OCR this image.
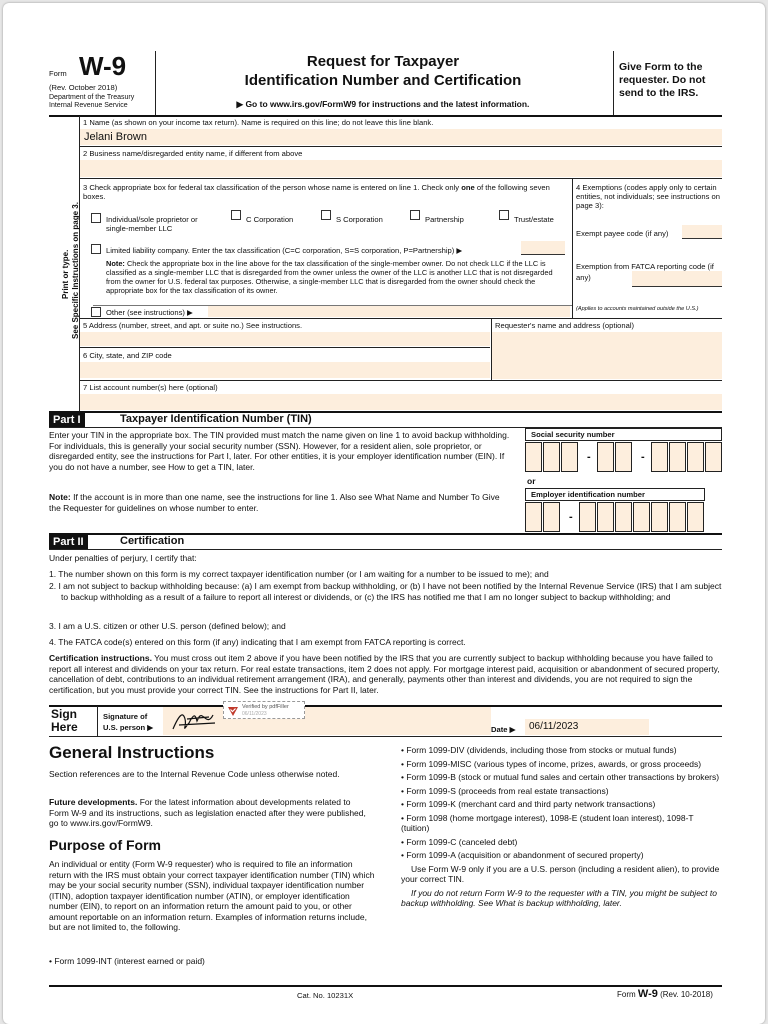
Form W-9
(Rev. October 2018)
Department of the Treasury
Internal Revenue Service
Request for Taxpayer
Identification Number and Certification
▶ Go to www.irs.gov/FormW9 for instructions and the latest information.
Give Form to the requester. Do not send to the IRS.
Print or type. See Specific Instructions on page 3.
1 Name (as shown on your income tax return). Name is required on this line; do not leave this line blank.
Jelani Brown
2 Business name/disregarded entity name, if different from above
3 Check appropriate box for federal tax classification of the person whose name is entered on line 1. Check only one of the following seven boxes.
Individual/sole proprietor or single-member LLC
C Corporation	S Corporation	Partnership	Trust/estate
Limited liability company. Enter the tax classification (C=C corporation, S=S corporation, P=Partnership) ▶
Note: Check the appropriate box in the line above for the tax classification of the single-member owner. Do not check LLC if the LLC is classified as a single-member LLC that is disregarded from the owner unless the owner of the LLC is another LLC that is not disregarded from the owner for U.S. federal tax purposes. Otherwise, a single-member LLC that is disregarded from the owner should check the appropriate box for the tax classification of its owner.
Other (see instructions) ▶
4 Exemptions (codes apply only to certain entities, not individuals; see instructions on page 3):
Exempt payee code (if any)
Exemption from FATCA reporting code (if any)
(Applies to accounts maintained outside the U.S.)
5 Address (number, street, and apt. or suite no.) See instructions.
6 City, state, and ZIP code
Requester's name and address (optional)
7 List account number(s) here (optional)
Part I	Taxpayer Identification Number (TIN)
Enter your TIN in the appropriate box. The TIN provided must match the name given on line 1 to avoid backup withholding. For individuals, this is generally your social security number (SSN). However, for a resident alien, sole proprietor, or disregarded entity, see the instructions for Part I, later. For other entities, it is your employer identification number (EIN). If you do not have a number, see How to get a TIN, later.
Note: If the account is in more than one name, see the instructions for line 1. Also see What Name and Number To Give the Requester for guidelines on whose number to enter.
Social security number
-	-
or
Employer identification number
-
Part II	Certification
Under penalties of perjury, I certify that:
1. The number shown on this form is my correct taxpayer identification number (or I am waiting for a number to be issued to me); and
2. I am not subject to backup withholding because: (a) I am exempt from backup withholding, or (b) I have not been notified by the Internal Revenue Service (IRS) that I am subject to backup withholding as a result of a failure to report all interest or dividends, or (c) the IRS has notified me that I am no longer subject to backup withholding; and
3. I am a U.S. citizen or other U.S. person (defined below); and
4. The FATCA code(s) entered on this form (if any) indicating that I am exempt from FATCA reporting is correct.
Certification instructions. You must cross out item 2 above if you have been notified by the IRS that you are currently subject to backup withholding because you have failed to report all interest and dividends on your tax return. For real estate transactions, item 2 does not apply. For mortgage interest paid, acquisition or abandonment of secured property, cancellation of debt, contributions to an individual retirement arrangement (IRA), and generally, payments other than interest and dividends, you are not required to sign the certification, but you must provide your correct TIN. See the instructions for Part II, later.
Sign Here
Signature of U.S. person ▶
Verified by pdfFiller
06/11/2023
Date ▶ 06/11/2023
General Instructions
Section references are to the Internal Revenue Code unless otherwise noted.
Future developments. For the latest information about developments related to Form W-9 and its instructions, such as legislation enacted after they were published, go to www.irs.gov/FormW9.
Purpose of Form
An individual or entity (Form W-9 requester) who is required to file an information return with the IRS must obtain your correct taxpayer identification number (TIN) which may be your social security number (SSN), individual taxpayer identification number (ITIN), adoption taxpayer identification number (ATIN), or employer identification number (EIN), to report on an information return the amount paid to you, or other amount reportable on an information return. Examples of information returns include, but are not limited to, the following.
• Form 1099-INT (interest earned or paid)
• Form 1099-DIV (dividends, including those from stocks or mutual funds)
• Form 1099-MISC (various types of income, prizes, awards, or gross proceeds)
• Form 1099-B (stock or mutual fund sales and certain other transactions by brokers)
• Form 1099-S (proceeds from real estate transactions)
• Form 1099-K (merchant card and third party network transactions)
• Form 1098 (home mortgage interest), 1098-E (student loan interest), 1098-T (tuition)
• Form 1099-C (canceled debt)
• Form 1099-A (acquisition or abandonment of secured property)
Use Form W-9 only if you are a U.S. person (including a resident alien), to provide your correct TIN.
If you do not return Form W-9 to the requester with a TIN, you might be subject to backup withholding. See What is backup withholding, later.
Cat. No. 10231X	Form W-9 (Rev. 10-2018)
